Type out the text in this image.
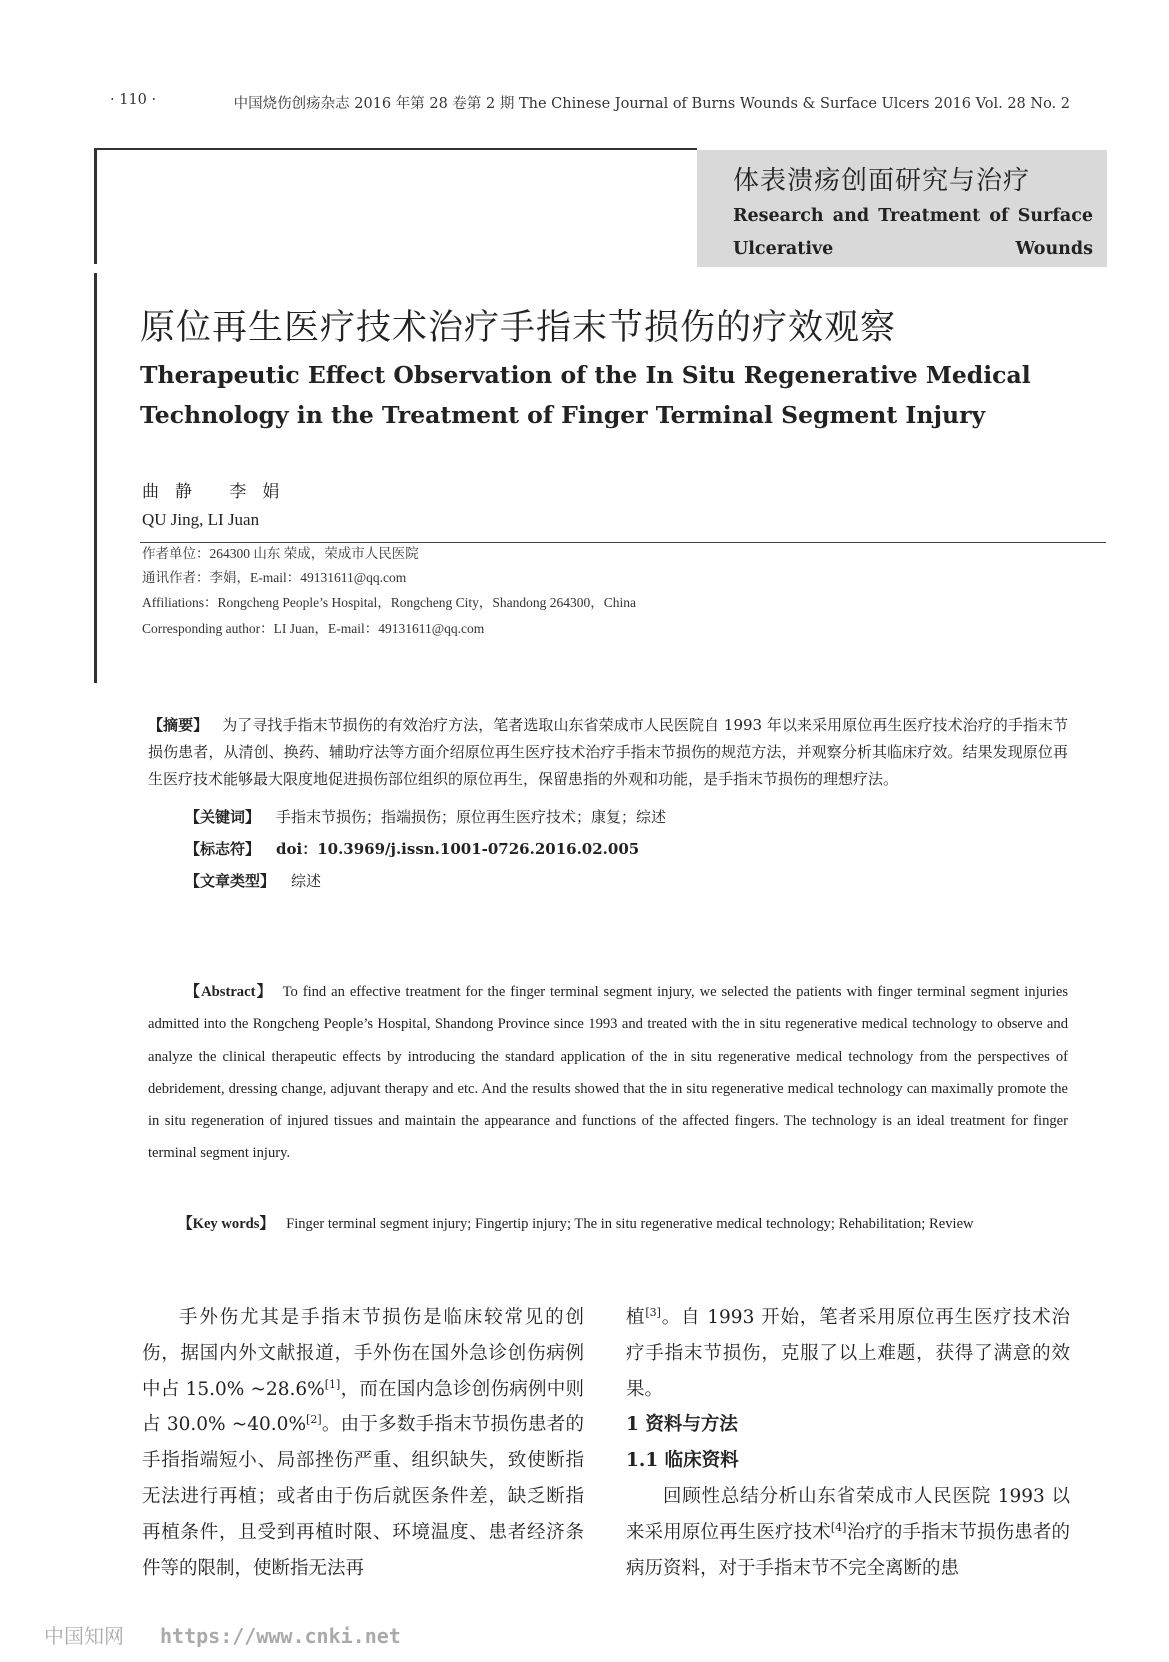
· 110 ·	中国烧伤创疡杂志 2016 年第 28 卷第 2 期 The Chinese Journal of Burns Wounds & Surface Ulcers 2016 Vol. 28 No. 2
体表溃疡创面研究与治疗
Research and Treatment of Surface Ulcerative Wounds
原位再生医疗技术治疗手指末节损伤的疗效观察
Therapeutic Effect Observation of the In Situ Regenerative Medical Technology in the Treatment of Finger Terminal Segment Injury
曲静 李娟
QU Jing, LI Juan
作者单位：264300 山东 荣成，荣成市人民医院
通讯作者：李娟，E-mail：49131611@qq.com
Affiliations：Rongcheng People’s Hospital，Rongcheng City，Shandong 264300，China
Corresponding author：LI Juan，E-mail：49131611@qq.com
【摘要】 为了寻找手指末节损伤的有效治疗方法，笔者选取山东省荣成市人民医院自 1993 年以来采用原位再生医疗技术治疗的手指末节损伤患者，从清创、换药、辅助疗法等方面介绍原位再生医疗技术治疗手指末节损伤的规范方法，并观察分析其临床疗效。结果发现原位再生医疗技术能够最大限度地促进损伤部位组织的原位再生，保留患指的外观和功能，是手指末节损伤的理想疗法。
【关键词】 手指末节损伤；指端损伤；原位再生医疗技术；康复；综述
【标志符】 doi：10.3969/j.issn.1001-0726.2016.02.005
【文章类型】 综述
【Abstract】 To find an effective treatment for the finger terminal segment injury, we selected the patients with finger terminal segment injuries admitted into the Rongcheng People’s Hospital, Shandong Province since 1993 and treated with the in situ regenerative medical technology to observe and analyze the clinical therapeutic effects by introducing the standard application of the in situ regenerative medical technology from the perspectives of debridement, dressing change, adjuvant therapy and etc. And the results showed that the in situ regenerative medical technology can maximally promote the in situ regeneration of injured tissues and maintain the appearance and functions of the affected fingers. The technology is an ideal treatment for finger terminal segment injury.
【Key words】 Finger terminal segment injury; Fingertip injury; The in situ regenerative medical technology; Rehabilitation; Review
手外伤尤其是手指末节损伤是临床较常见的创伤，据国内外文献报道，手外伤在国外急诊创伤病例中占 15.0% ~28.6%[1]，而在国内急诊创伤病例中则占 30.0% ~40.0%[2]。由于多数手指末节损伤患者的手指指端短小、局部挫伤严重、组织缺失，致使断指无法进行再植；或者由于伤后就医条件差，缺乏断指再植条件，且受到再植时限、环境温度、患者经济条件等的限制，使断指无法再
植[3]。自 1993 开始，笔者采用原位再生医疗技术治疗手指末节损伤，克服了以上难题，获得了满意的效果。
1 资料与方法
1.1 临床资料
回顾性总结分析山东省荣成市人民医院 1993 以来采用原位再生医疗技术[4]治疗的手指末节损伤患者的病历资料，对于手指末节不完全离断的患
中国知网 https://www.cnki.net
